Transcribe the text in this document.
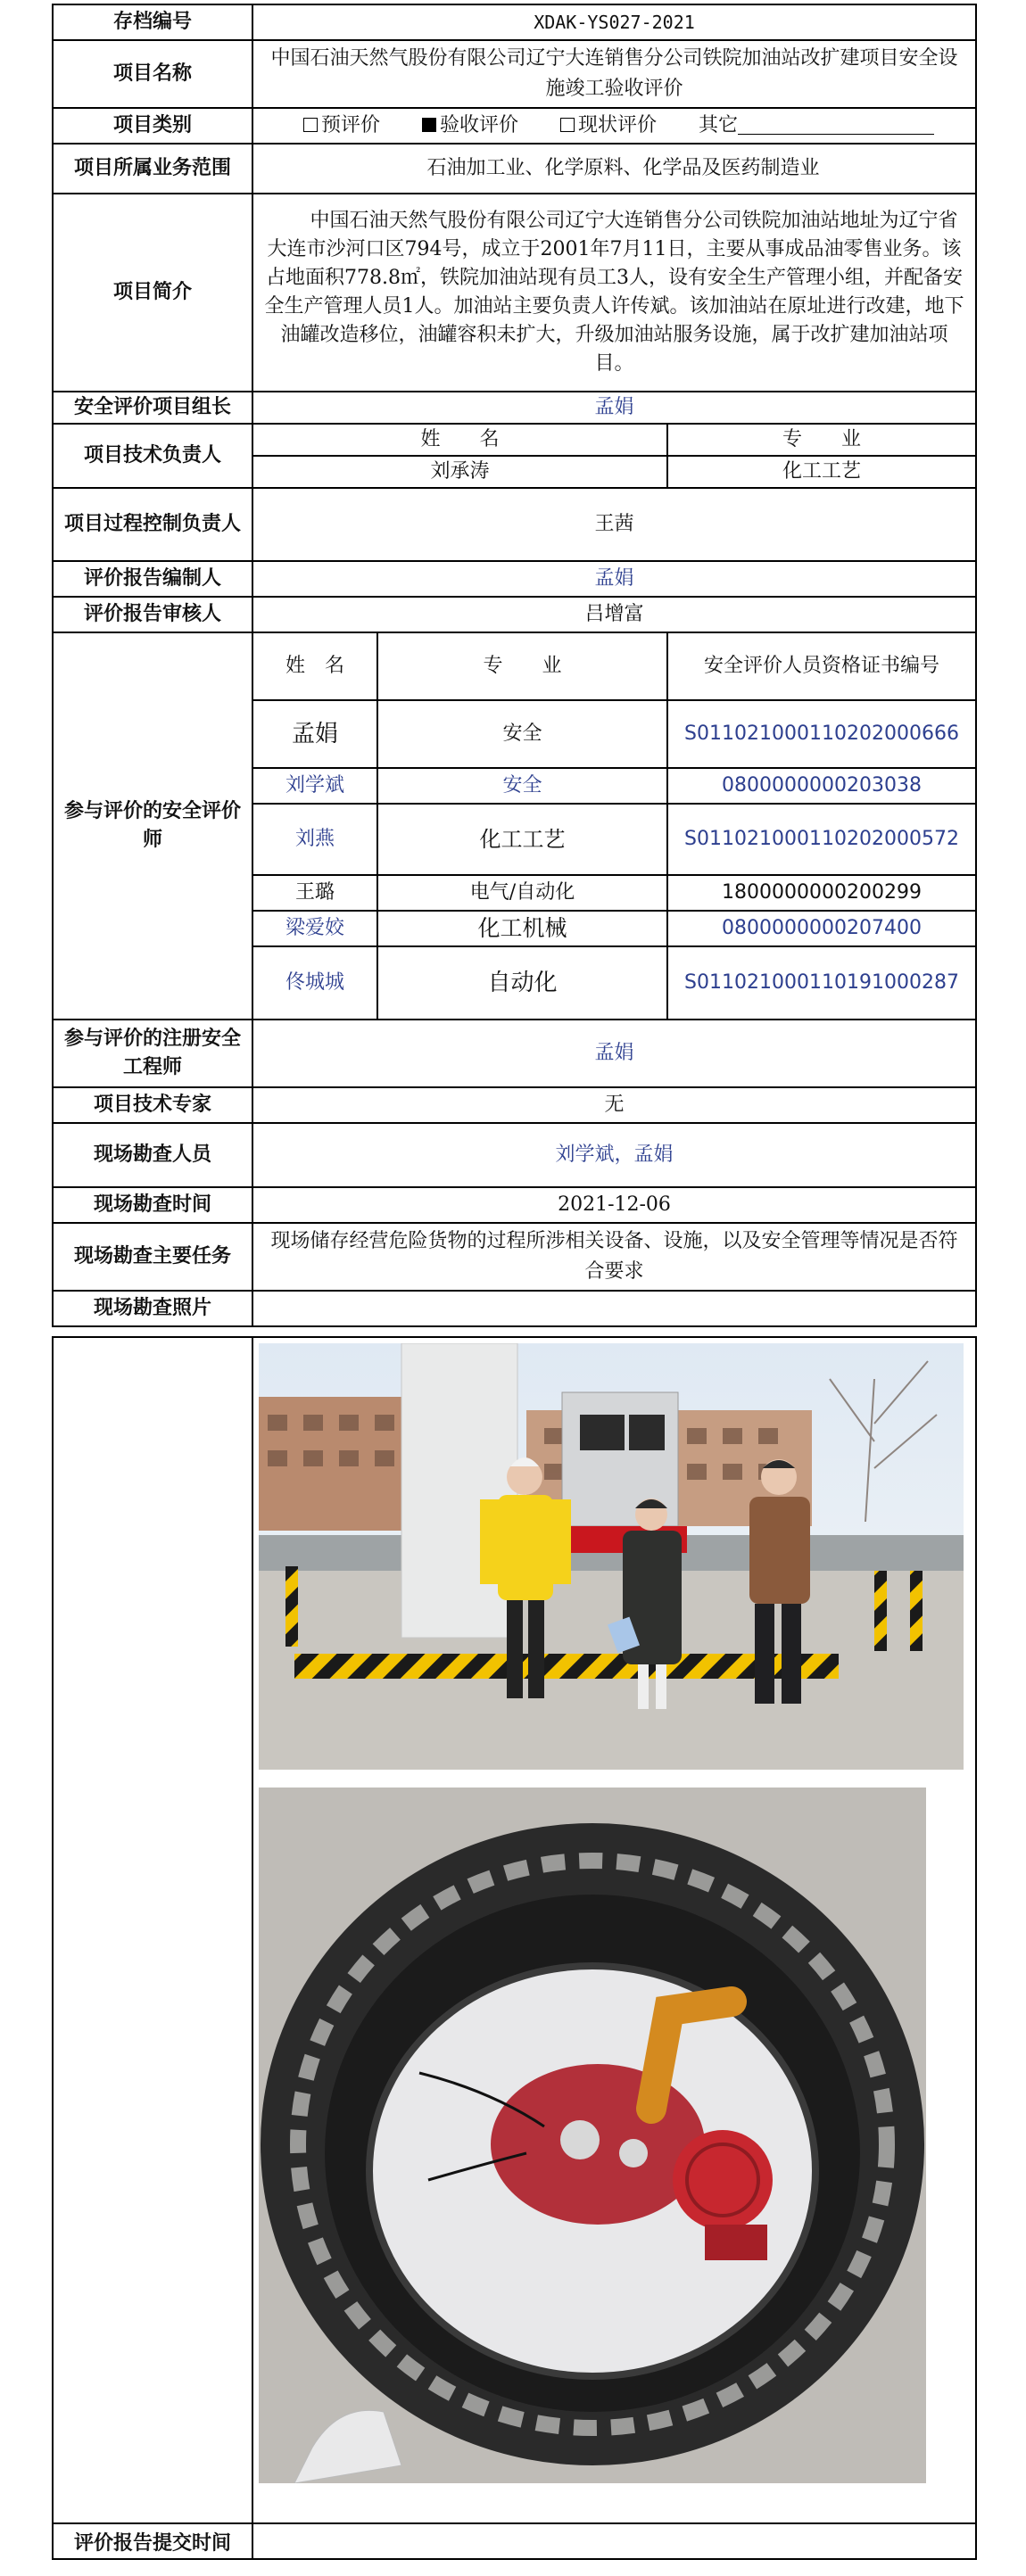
存档编号	XDAK-YS027-2021		
项目名称	中国石油天然气股份有限公司辽宁大连销售分公司铁院加油站改扩建项目安全设施竣工验收评价		
项目类别	预评价 验收评价 现状评价 其它		
项目所属业务范围	石油加工业、化学原料、化学品及医药制造业		
项目简介	中国石油天然气股份有限公司辽宁大连销售分公司铁院加油站地址为辽宁省大连市沙河口区794号，成立于2001年7月11日，主要从事成品油零售业务。该占地面积778.8㎡，铁院加油站现有员工3人，设有安全生产管理小组，并配备安全生产管理人员1人。加油站主要负责人许传斌。该加油站在原址进行改建，地下油罐改造移位，油罐容积未扩大，升级加油站服务设施，属于改扩建加油站项目。		
安全评价项目组长	孟娟		
项目技术负责人	姓　　名		专　　业
	刘承涛		化工工艺
项目过程控制负责人	王茜		
评价报告编制人	孟娟		
评价报告审核人	吕增富		
参与评价的安全评价师	姓　名	专　　业	安全评价人员资格证书编号
	孟娟	安全	S011021000110202000666
	刘学斌	安全	0800000000203038
	刘燕	化工工艺	S011021000110202000572
	王璐	电气/自动化	1800000000200299
	梁爱姣	化工机械	0800000000207400
	佟城城	自动化	S011021000110191000287
参与评价的注册安全工程师	孟娟		
项目技术专家	无		
现场勘查人员	刘学斌，孟娟		
现场勘查时间	2021-12-06		
现场勘查主要任务	现场储存经营危险货物的过程所涉相关设备、设施，以及安全管理等情况是否符合要求		
现场勘查照片			

评价报告提交时间	
